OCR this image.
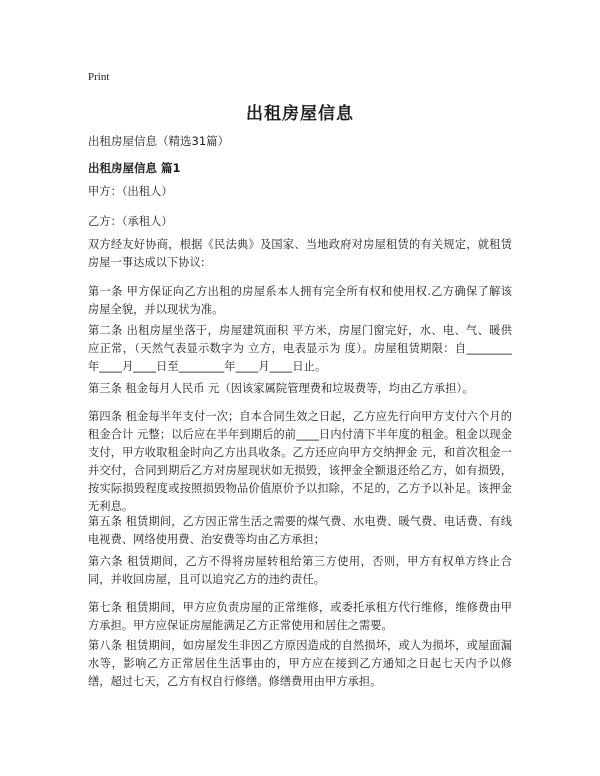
Print
出租房屋信息
出租房屋信息（精选31篇）
出租房屋信息 篇1
甲方：（出租人）
乙方：（承租人）
双方经友好协商，根据《民法典》及国家、当地政府对房屋租赁的有关规定，就租赁房屋一事达成以下协议:
第一条 甲方保证向乙方出租的房屋系本人拥有完全所有权和使用权.乙方确保了解该房屋全貌，并以现状为准。
第二条 出租房屋坐落于，房屋建筑面积 平方米，房屋门窗完好，水、电、气、暖供应正常，（天然气表显示数字为 立方，电表显示为 度）。房屋租赁期限：自________年____月____日至________年____月____日止。
第三条 租金每月人民币 元（因该家属院管理费和垃圾费等，均由乙方承担）。
第四条 租金每半年支付一次；自本合同生效之日起，乙方应先行向甲方支付六个月的租金合计 元整；以后应在半年到期后的前____日内付清下半年度的租金。租金以现金支付，甲方收取租金时向乙方出具收条。乙方还应向甲方交纳押金 元，和首次租金一并交付，合同到期后乙方对房屋现状如无损毁，该押金全额退还给乙方，如有损毁，按实际损毁程度或按照损毁物品价值原价予以扣除，不足的，乙方予以补足。该押金无利息。
第五条 租赁期间，乙方因正常生活之需要的煤气费、水电费、暖气费、电话费、有线电视费、网络使用费、治安费等均由乙方承担；
第六条 租赁期间，乙方不得将房屋转租给第三方使用，否则，甲方有权单方终止合同，并收回房屋，且可以追究乙方的违约责任。
第七条 租赁期间，甲方应负责房屋的正常维修，或委托承租方代行维修，维修费由甲方承担。甲方应保证房屋能满足乙方正常使用和居住之需要。
第八条 租赁期间，如房屋发生非因乙方原因造成的自然损坏，或人为损坏，或屋面漏水等，影响乙方正常居住生活事由的，甲方应在接到乙方通知之日起七天内予以修缮，超过七天，乙方有权自行修缮。修缮费用由甲方承担。
